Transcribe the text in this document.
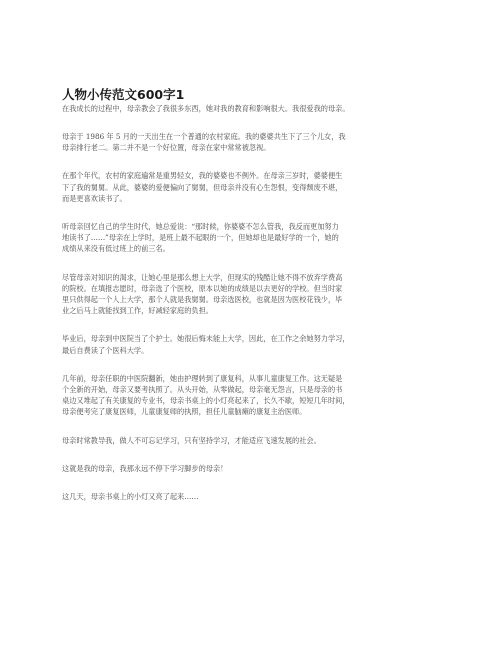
人物小传范文600字1

在我成长的过程中，母亲教会了我很多东西，她对我的教育和影响很大。我很爱我的母亲。

母亲于 1986 年 5 月的一天出生在一个普通的农村家庭。我的婆婆共生下了三个儿女，我
母亲排行老二。第二并不是一个好位置，母亲在家中常常被忽视。

在那个年代，农村的家庭遍常是重男轻女，我的婆婆也不例外。在母亲三岁时，婆婆便生
下了我的舅舅。从此，婆婆的爱便偏向了舅舅，但母亲并没有心生怨恨，变得颓废不堪，
而是更喜欢读书了。

听母亲回忆自己的学生时代，她总爱说：“那时候，你婆婆不怎么管我，我反而更加努力
地读书了……”母亲在上学时，是班上最不起眼的一个，但她却也是最好学的一个，她的
成绩从来没有低过班上的前三名。

尽管母亲对知识的渴求，让她心里是那么想上大学，但现实的残酷让她不得不放弃学费高
的院校。在填报志愿时，母亲选了个医校，原本以她的成绩是以去更好的学校。但当时家
里只供得起一个人上大学，那个人就是我舅舅。母亲选医校，也就是因为医校花钱少，毕
业之后马上就能找到工作，好减轻家庭的负担。

毕业后，母亲到中医院当了个护士。她很后悔未能上大学，因此，在工作之余她努力学习，
最后自费读了个医科大学。

几年前，母亲任职的中医院翻新，她由护理转到了康复科，从事儿童康复工作。这无疑是
个全新的开始，母亲又要考执照了。从头开始，从零做起，母亲毫无怨言，只是母亲的书
桌边又堆起了有关康复的专业书，母亲书桌上的小灯亮起来了，长久不歇，短短几年时间，
母亲便考完了康复医师，儿童康复师的执照，担任儿童脑瘫的康复主治医师。

母亲时常教导我，做人不可忘记学习，只有坚持学习，才能适应飞速发展的社会。

这就是我的母亲，我那永远不停下学习脚步的母亲！

这几天，母亲书桌上的小灯又亮了起来……
